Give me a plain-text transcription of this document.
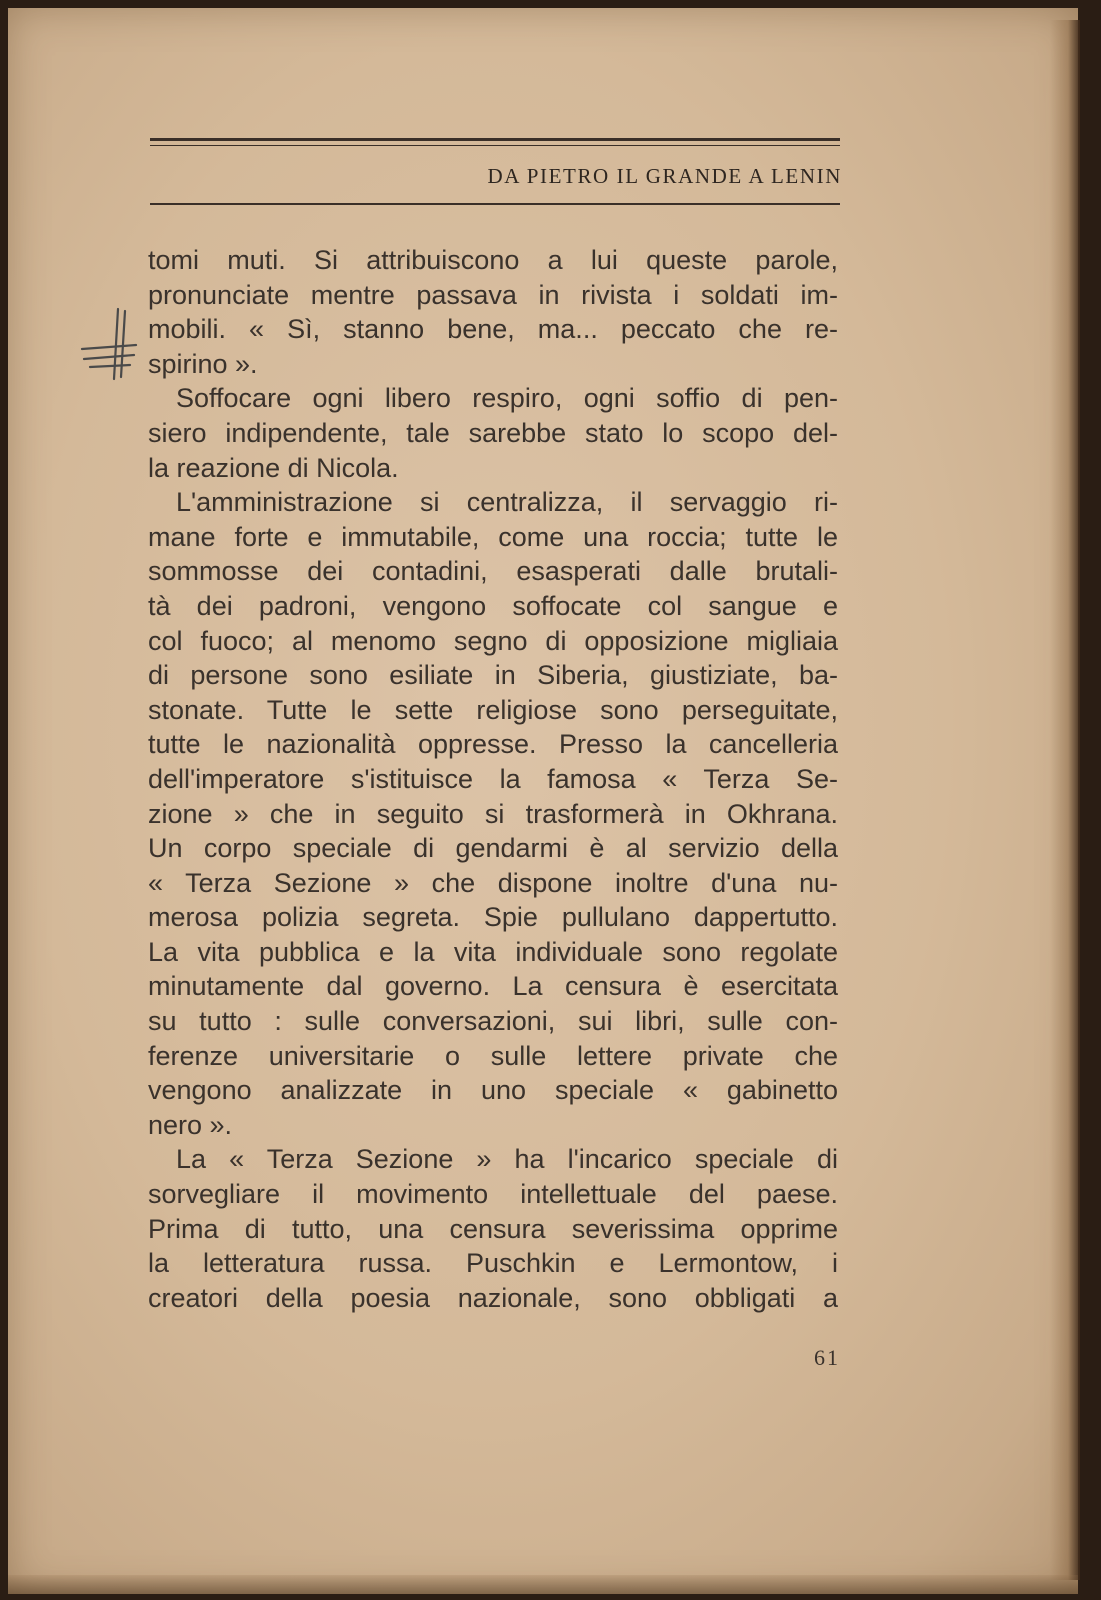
DA PIETRO IL GRANDE A LENIN
tomi muti. Si attribuiscono a lui queste parole,
pronunciate mentre passava in rivista i soldati im-
mobili. « Sì, stanno bene, ma... peccato che re-
spirino ».
Soffocare ogni libero respiro, ogni soffio di pen-
siero indipendente, tale sarebbe stato lo scopo del-
la reazione di Nicola.
L'amministrazione si centralizza, il servaggio ri-
mane forte e immutabile, come una roccia; tutte le
sommosse dei contadini, esasperati dalle brutali-
tà dei padroni, vengono soffocate col sangue e
col fuoco; al menomo segno di opposizione migliaia
di persone sono esiliate in Siberia, giustiziate, ba-
stonate. Tutte le sette religiose sono perseguitate,
tutte le nazionalità oppresse. Presso la cancelleria
dell'imperatore s'istituisce la famosa « Terza Se-
zione » che in seguito si trasformerà in Okhrana.
Un corpo speciale di gendarmi è al servizio della
« Terza Sezione » che dispone inoltre d'una nu-
merosa polizia segreta. Spie pullulano dappertutto.
La vita pubblica e la vita individuale sono regolate
minutamente dal governo. La censura è esercitata
su tutto : sulle conversazioni, sui libri, sulle con-
ferenze universitarie o sulle lettere private che
vengono analizzate in uno speciale « gabinetto
nero ».
La « Terza Sezione » ha l'incarico speciale di
sorvegliare il movimento intellettuale del paese.
Prima di tutto, una censura severissima opprime
la letteratura russa. Puschkin e Lermontow, i
creatori della poesia nazionale, sono obbligati a
61
